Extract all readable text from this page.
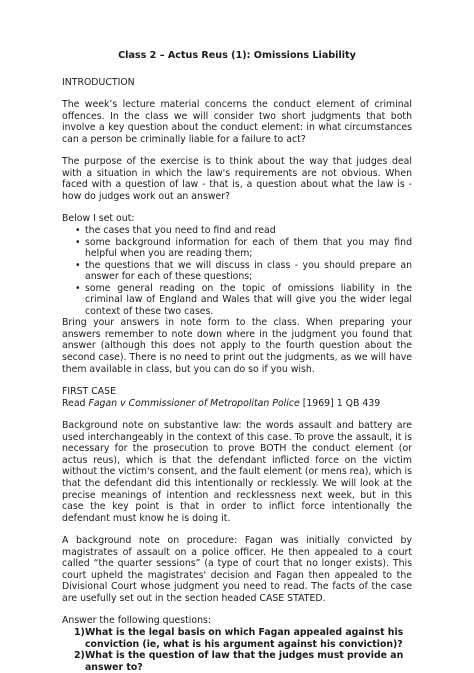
Class 2 – Actus Reus (1): Omissions Liability
INTRODUCTION

The week’s lecture material concerns the conduct element of criminal offences. In the class we will consider two short judgments that both involve a key question about the conduct element: in what circumstances can a person be criminally liable for a failure to act?

The purpose of the exercise is to think about the way that judges deal with a situation in which the law's requirements are not obvious. When faced with a question of law - that is, a question about what the law is - how do judges work out an answer?

Below I set out:

• the cases that you need to find and read
• some background information for each of them that you may find helpful when you are reading them;
• the questions that we will discuss in class - you should prepare an answer for each of these questions;
• some general reading on the topic of omissions liability in the criminal law of England and Wales that will give you the wider legal context of these two cases.

Bring your answers in note form to the class. When preparing your answers remember to note down where in the judgment you found that answer (although this does not apply to the fourth question about the second case). There is no need to print out the judgments, as we will have them available in class, but you can do so if you wish.

FIRST CASE
Read Fagan v Commissioner of Metropolitan Police [1969] 1 QB 439

Background note on substantive law: the words assault and battery are used interchangeably in the context of this case. To prove the assault, it is necessary for the prosecution to prove BOTH the conduct element (or actus reus), which is that the defendant inflicted force on the victim without the victim's consent, and the fault element (or mens rea), which is that the defendant did this intentionally or recklessly. We will look at the precise meanings of intention and recklessness next week, but in this case the key point is that in order to inflict force intentionally the defendant must know he is doing it.

A background note on procedure: Fagan was initially convicted by magistrates of assault on a police officer. He then appealed to a court called “the quarter sessions” (a type of court that no longer exists). This court upheld the magistrates' decision and Fagan then appealed to the Divisional Court whose judgment you need to read. The facts of the case are usefully set out in the section headed CASE STATED.

Answer the following questions:
1) What is the legal basis on which Fagan appealed against his conviction (ie, what is his argument against his conviction)?
2) What is the question of law that the judges must provide an answer to?
